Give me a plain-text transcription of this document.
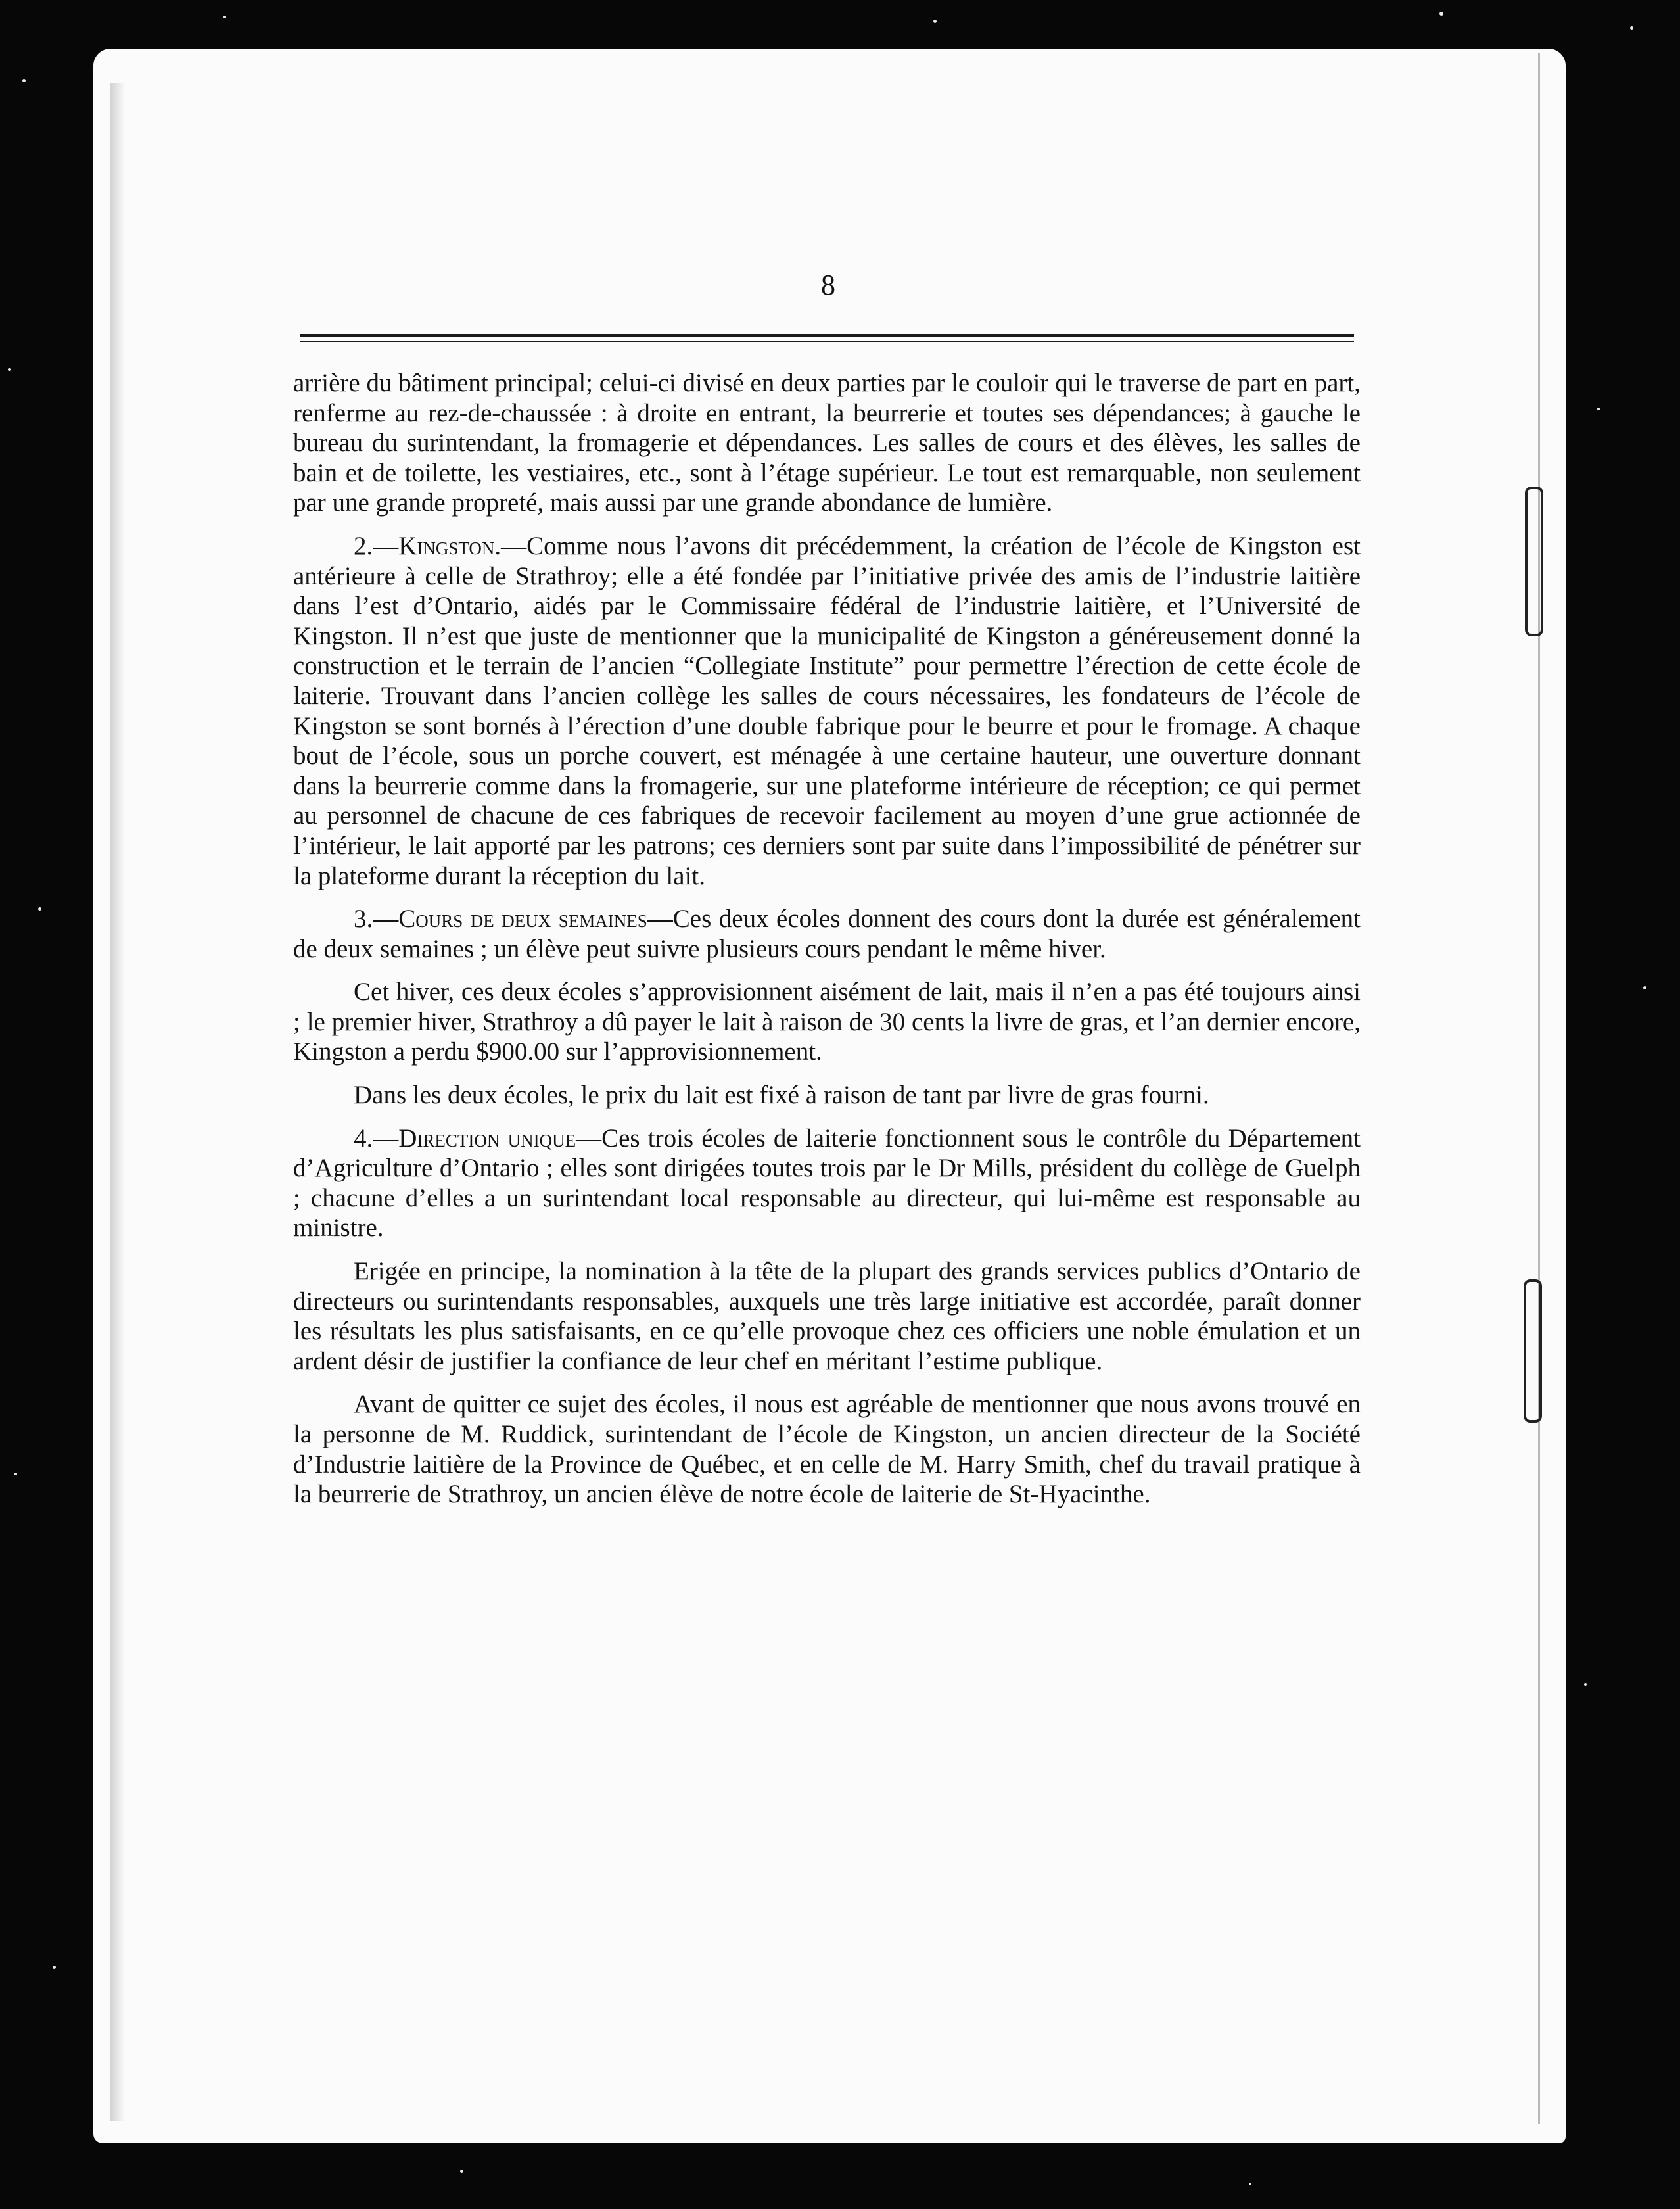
8

arrière du bâtiment principal; celui-ci divisé en deux parties par le couloir qui le traverse de part en part, renferme au rez-de-chaussée : à droite en entrant, la beurrerie et toutes ses dépendances; à gauche le bureau du surintendant, la fromagerie et dépendances. Les salles de cours et des élèves, les salles de bain et de toilette, les vestiaires, etc., sont à l’étage supérieur. Le tout est remarquable, non seulement par une grande propreté, mais aussi par une grande abondance de lumière.

2.—Kingston.—Comme nous l’avons dit précédemment, la création de l’école de Kingston est antérieure à celle de Strathroy; elle a été fondée par l’initiative privée des amis de l’industrie laitière dans l’est d’Ontario, aidés par le Commissaire fédéral de l’industrie laitière, et l’Université de Kingston. Il n’est que juste de mentionner que la municipalité de Kingston a généreusement donné la construction et le terrain de l’ancien “Collegiate Institute” pour permettre l’érection de cette école de laiterie. Trouvant dans l’ancien collège les salles de cours nécessaires, les fondateurs de l’école de Kingston se sont bornés à l’érection d’une double fabrique pour le beurre et pour le fromage. A chaque bout de l’école, sous un porche couvert, est ménagée à une certaine hauteur, une ouverture donnant dans la beurrerie comme dans la fromagerie, sur une plateforme intérieure de réception; ce qui permet au personnel de chacune de ces fabriques de recevoir facilement au moyen d’une grue actionnée de l’intérieur, le lait apporté par les patrons; ces derniers sont par suite dans l’impossibilité de pénétrer sur la plateforme durant la réception du lait.

3.—Cours de deux semaines—Ces deux écoles donnent des cours dont la durée est généralement de deux semaines ; un élève peut suivre plusieurs cours pendant le même hiver.

Cet hiver, ces deux écoles s’approvisionnent aisément de lait, mais il n’en a pas été toujours ainsi ; le premier hiver, Strathroy a dû payer le lait à raison de 30 cents la livre de gras, et l’an dernier encore, Kingston a perdu $900.00 sur l’approvisionnement.

Dans les deux écoles, le prix du lait est fixé à raison de tant par livre de gras fourni.

4.—Direction unique—Ces trois écoles de laiterie fonctionnent sous le contrôle du Département d’Agriculture d’Ontario ; elles sont dirigées toutes trois par le Dr Mills, président du collège de Guelph ; chacune d’elles a un surintendant local responsable au directeur, qui lui-même est responsable au ministre.

Erigée en principe, la nomination à la tête de la plupart des grands services publics d’Ontario de directeurs ou surintendants responsables, auxquels une très large initiative est accordée, paraît donner les résultats les plus satisfaisants, en ce qu’elle provoque chez ces officiers une noble émulation et un ardent désir de justifier la confiance de leur chef en méritant l’estime publique.

Avant de quitter ce sujet des écoles, il nous est agréable de mentionner que nous avons trouvé en la personne de M. Ruddick, surintendant de l’école de Kingston, un ancien directeur de la Société d’Industrie laitière de la Province de Québec, et en celle de M. Harry Smith, chef du travail pratique à la beurrerie de Strathroy, un ancien élève de notre école de laiterie de St-Hyacinthe.
